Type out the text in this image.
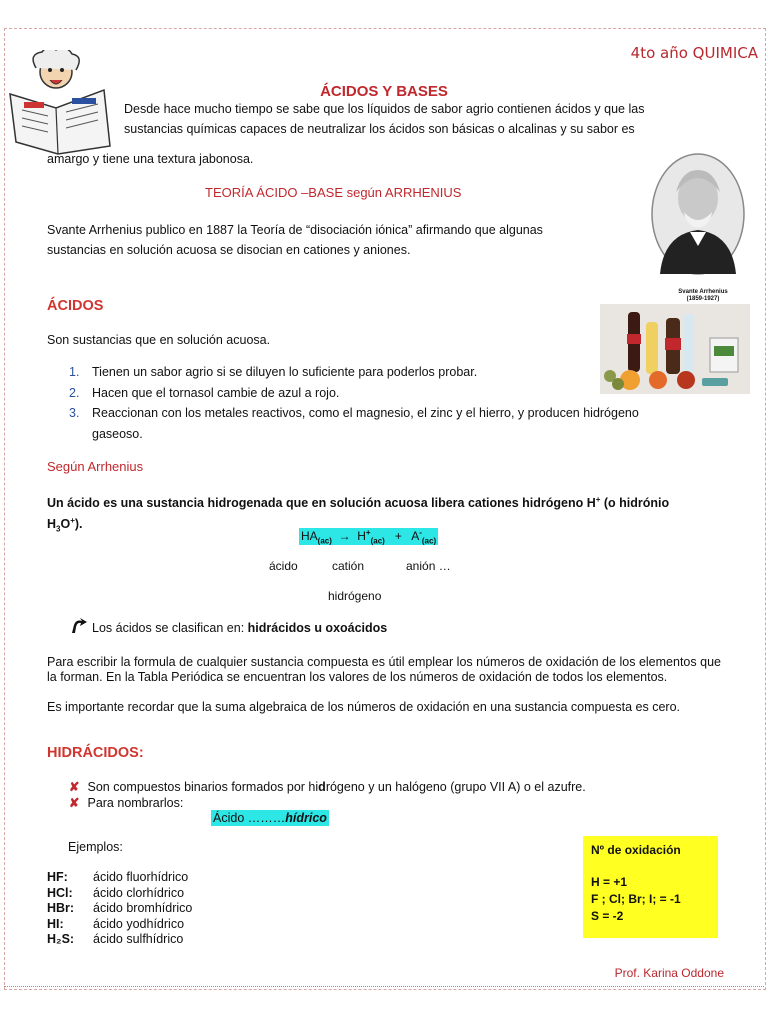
4to año QUIMICA
ÁCIDOS Y BASES
Desde hace mucho tiempo se sabe que los líquidos de sabor agrio contienen ácidos y que las
sustancias químicas capaces de neutralizar los ácidos son básicas o alcalinas y su sabor es
amargo y tiene una textura jabonosa.
TEORÍA ÁCIDO –BASE según ARRHENIUS
Svante Arrhenius publico en 1887 la Teoría de “disociación iónica” afirmando que algunas
sustancias en solución acuosa se disocian en cationes y aniones.
Svante Arrhenius
(1859-1927)
ÁCIDOS
Son sustancias que en solución acuosa.
1. Tienen un sabor agrio si se diluyen lo suficiente para poderlos probar.
2. Hacen que el tornasol cambie de azul a rojo.
3. Reaccionan con los metales reactivos, como el magnesio, el zinc y el hierro, y producen hidrógeno
gaseoso.
Según Arrhenius
Un ácido es una sustancia hidrogenada que en solución acuosa libera cationes hidrógeno H+ (o hidrónio
$H_3O^+$).
$HA_{(ac)} \to H^+_{(ac)} + A^-_{(ac)}$
ácido	catión	anión …
hidrógeno
Los ácidos se clasifican en: hidrácidos u oxoácidos
Para escribir la formula de cualquier sustancia compuesta es útil emplear los números de oxidación de los elementos que la forman. En la Tabla Periódica se encuentran los valores de los números de oxidación de todos los elementos.
Es importante recordar que la suma algebraica de los números de oxidación en una sustancia compuesta es cero.
HIDRÁCIDOS:
✘ Son compuestos binarios formados por hidrógeno y un halógeno (grupo VII A) o el azufre.
✘ Para nombrarlos:
Ácido ………hídrico
Ejemplos:
HF: ácido fluorhídrico
HCl: ácido clorhídrico
HBr: ácido bromhídrico
HI: ácido yodhídrico
H₂S: ácido sulfhídrico
Nº de oxidación
H = +1
F ; Cl; Br; I; = -1
S = -2
Prof. Karina Oddone
